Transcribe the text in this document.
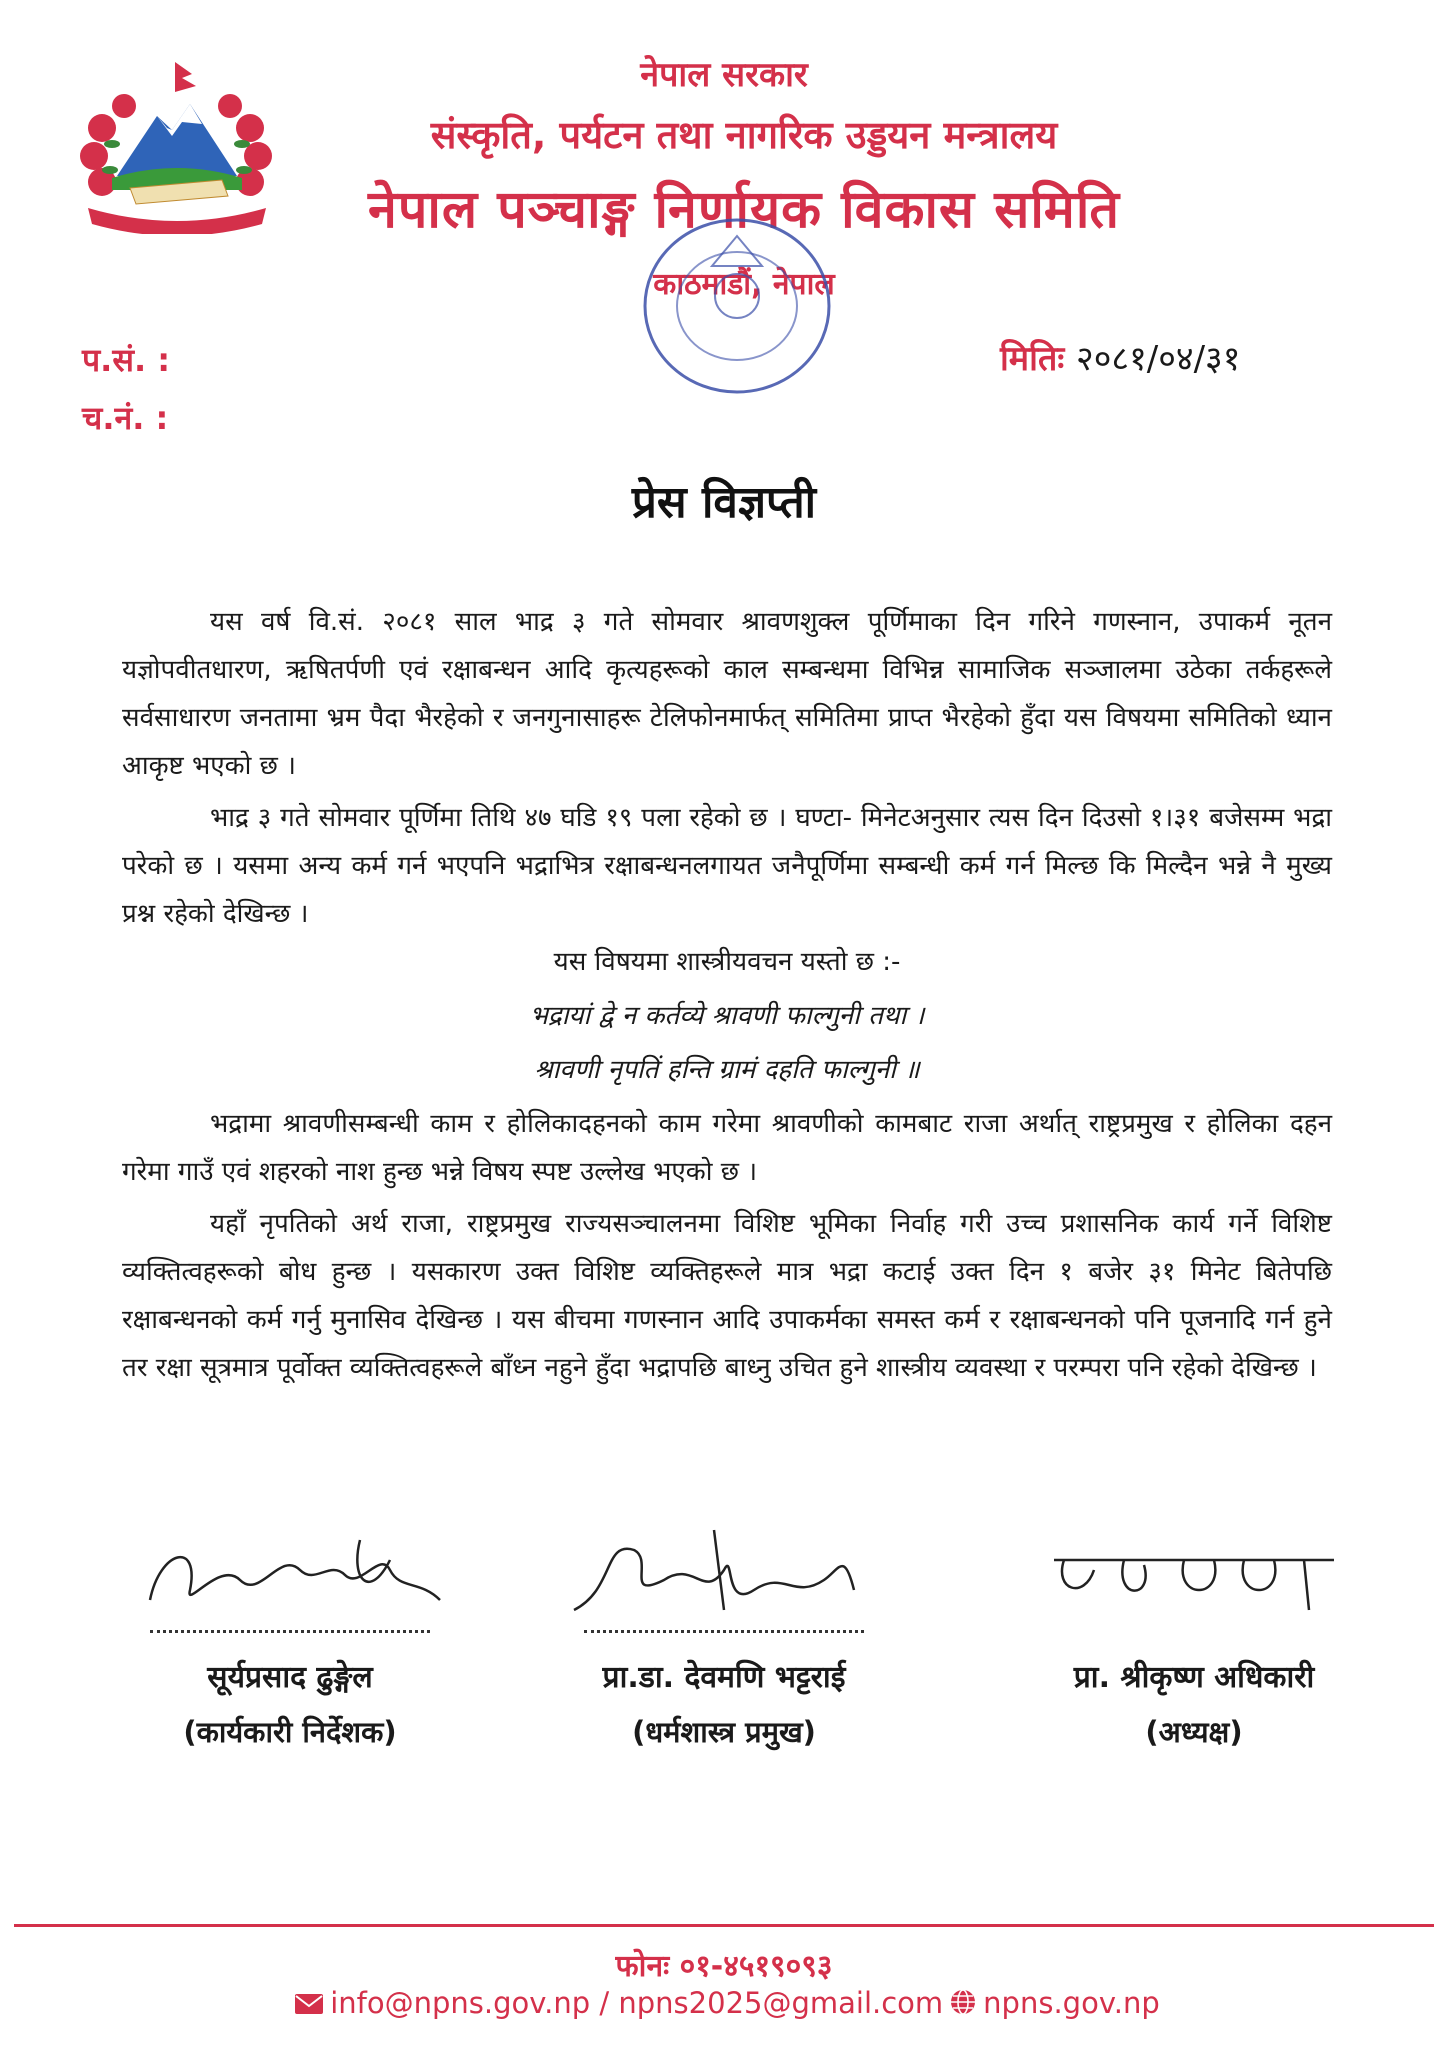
नेपाल सरकार
संस्कृति, पर्यटन तथा नागरिक उड्डयन मन्त्रालय
नेपाल पञ्चाङ्ग निर्णायक विकास समिति
काठमाडौं, नेपाल
प.सं. :
च.नं. :
मितिः २०८१/०४/३१
प्रेस विज्ञप्ती

यस वर्ष वि.सं. २०८१ साल भाद्र ३ गते सोमवार श्रावणशुक्ल पूर्णिमाका दिन गरिने गणस्नान, उपाकर्म नूतन यज्ञोपवीतधारण, ऋषितर्पणी एवं रक्षाबन्धन आदि कृत्यहरूको काल सम्बन्धमा विभिन्न सामाजिक सञ्जालमा उठेका तर्कहरूले सर्वसाधारण जनतामा भ्रम पैदा भैरहेको र जनगुनासाहरू टेलिफोनमार्फत् समितिमा प्राप्त भैरहेको हुँदा यस विषयमा समितिको ध्यान आकृष्ट भएको छ ।

भाद्र ३ गते सोमवार पूर्णिमा तिथि ४७ घडि १९ पला रहेको छ । घण्टा- मिनेटअनुसार त्यस दिन दिउसो १।३१ बजेसम्म भद्रा परेको छ । यसमा अन्य कर्म गर्न भएपनि भद्राभित्र रक्षाबन्धनलगायत जनैपूर्णिमा सम्बन्धी कर्म गर्न मिल्छ कि मिल्दैन भन्ने नै मुख्य प्रश्न रहेको देखिन्छ ।

यस विषयमा शास्त्रीयवचन यस्तो छ :-

भद्रायां द्वे न कर्तव्ये श्रावणी फाल्गुनी तथा ।

श्रावणी नृपतिं हन्ति ग्रामं दहति फाल्गुनी ॥

भद्रामा श्रावणीसम्बन्धी काम र होलिकादहनको काम गरेमा श्रावणीको कामबाट राजा अर्थात् राष्ट्रप्रमुख र होलिका दहन गरेमा गाउँ एवं शहरको नाश हुन्छ भन्ने विषय स्पष्ट उल्लेख भएको छ ।

यहाँ नृपतिको अर्थ राजा, राष्ट्रप्रमुख राज्यसञ्चालनमा विशिष्ट भूमिका निर्वाह गरी उच्च प्रशासनिक कार्य गर्ने विशिष्ट व्यक्तित्वहरूको बोध हुन्छ । यसकारण उक्त विशिष्ट व्यक्तिहरूले मात्र भद्रा कटाई उक्त दिन १ बजेर ३१ मिनेट बितेपछि रक्षाबन्धनको कर्म गर्नु मुनासिव देखिन्छ । यस बीचमा गणस्नान आदि उपाकर्मका समस्त कर्म र रक्षाबन्धनको पनि पूजनादि गर्न हुने तर रक्षा सूत्रमात्र पूर्वोक्त व्यक्तित्वहरूले बाँध्न नहुने हुँदा भद्रापछि बाध्नु उचित हुने शास्त्रीय व्यवस्था र परम्परा पनि रहेको देखिन्छ ।

सूर्यप्रसाद ढुङ्गेल
(कार्यकारी निर्देशक)
प्रा.डा. देवमणि भट्टराई
(धर्मशास्त्र प्रमुख)
प्रा. श्रीकृष्ण अधिकारी
(अध्यक्ष)
फोनः ०१-४५१९०९३
info@npns.gov.np / npns2025@gmail.com npns.gov.np
